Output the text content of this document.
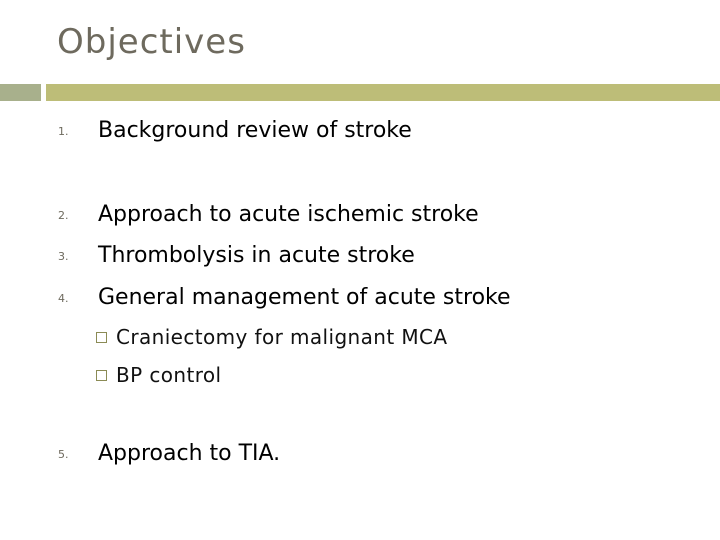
Objectives
1. Background review of stroke
2. Approach to acute ischemic stroke
3. Thrombolysis in acute stroke
4. General management of acute stroke
Craniectomy for malignant MCA
BP control
5. Approach to TIA.
